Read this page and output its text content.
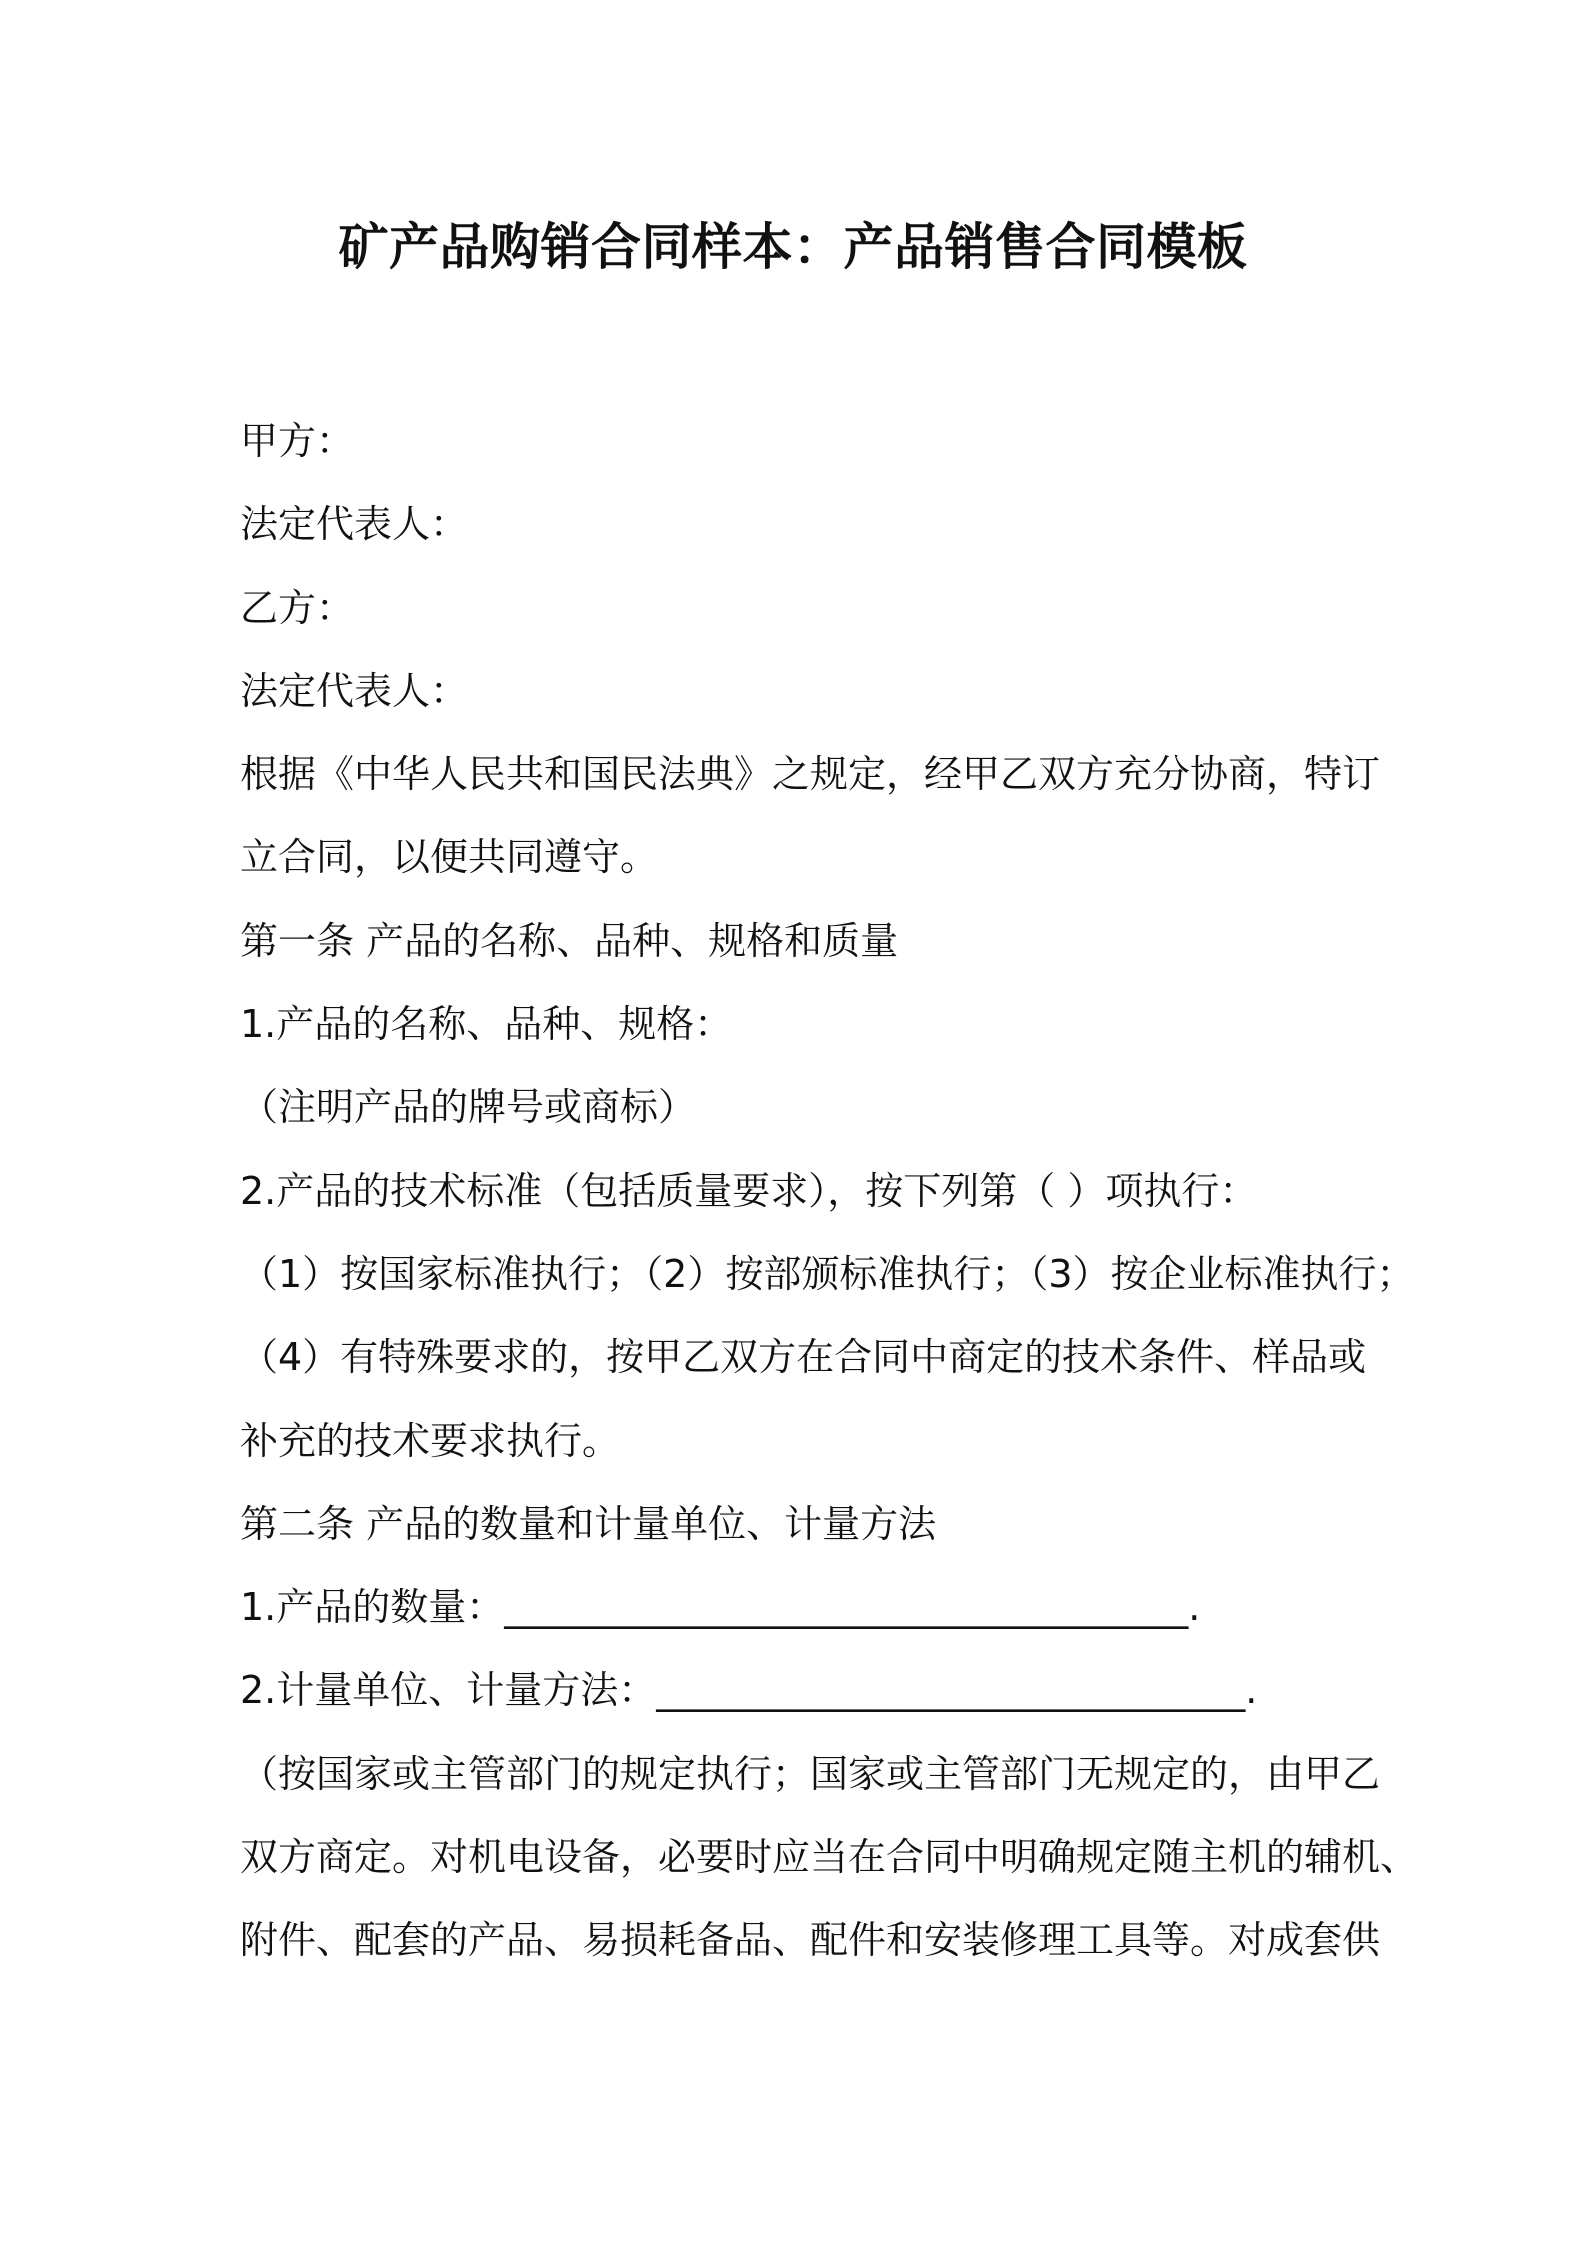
矿产品购销合同样本：产品销售合同模板
甲方：
法定代表人：
乙方：
法定代表人：
根据《中华人民共和国民法典》之规定，经甲乙双方充分协商，特订
立合同，以便共同遵守。
第一条 产品的名称、品种、规格和质量
1.产品的名称、品种、规格：
（注明产品的牌号或商标）
2.产品的技术标准（包括质量要求），按下列第（ ）项执行：
（1）按国家标准执行；（2）按部颁标准执行；（3）按企业标准执行；
（4）有特殊要求的，按甲乙双方在合同中商定的技术条件、样品或
补充的技术要求执行。
第二条 产品的数量和计量单位、计量方法
1.产品的数量：____________________________________.
2.计量单位、计量方法：_______________________________.
（按国家或主管部门的规定执行；国家或主管部门无规定的，由甲乙
双方商定。对机电设备，必要时应当在合同中明确规定随主机的辅机、
附件、配套的产品、易损耗备品、配件和安装修理工具等。对成套供
